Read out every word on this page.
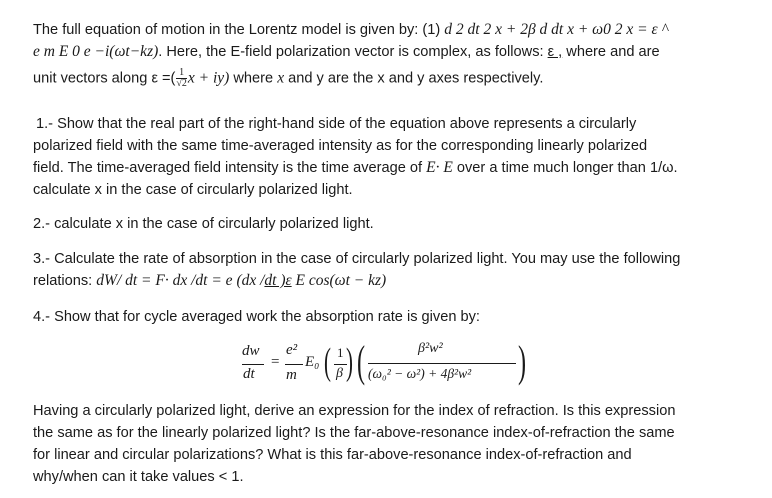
The full equation of motion in the Lorentz model is given by: (1) d 2 dt 2 x + 2β d dt x + ω0 2 x = ε ^
e m E 0 e −i(ωt−kz). Here, the E-field polarization vector is complex, as follows: ε , where and are
unit vectors along ε =( $\frac{1}{√2}$ x + iy) where x and y are the x and y axes respectively.
1.- Show that the real part of the right-hand side of the equation above represents a circularly
polarized field with the same time-averaged intensity as for the corresponding linearly polarized
field. The time-averaged field intensity is the time average of E· E over a time much longer than 1/ω.
calculate x in the case of circularly polarized light.
2.- calculate x in the case of circularly polarized light.
3.- Calculate the rate of absorption in the case of circularly polarized light. You may use the following
relations: dW/ dt = F· dx /dt = e (dx /dt )ε E cos(ωt − kz)
4.- Show that for cycle averaged work the absorption rate is given by:
dw
dt
=
e²
m
E₀ ( 1
β ) (	β²w²
(ω₀² − ω²) + 4β²w² )
Having a circularly polarized light, derive an expression for the index of refraction. Is this expression
the same as for the linearly polarized light? Is the far-above-resonance index-of-refraction the same
for linear and circular polarizations? What is this far-above-resonance index-of-refraction and
why/when can it take values < 1.
